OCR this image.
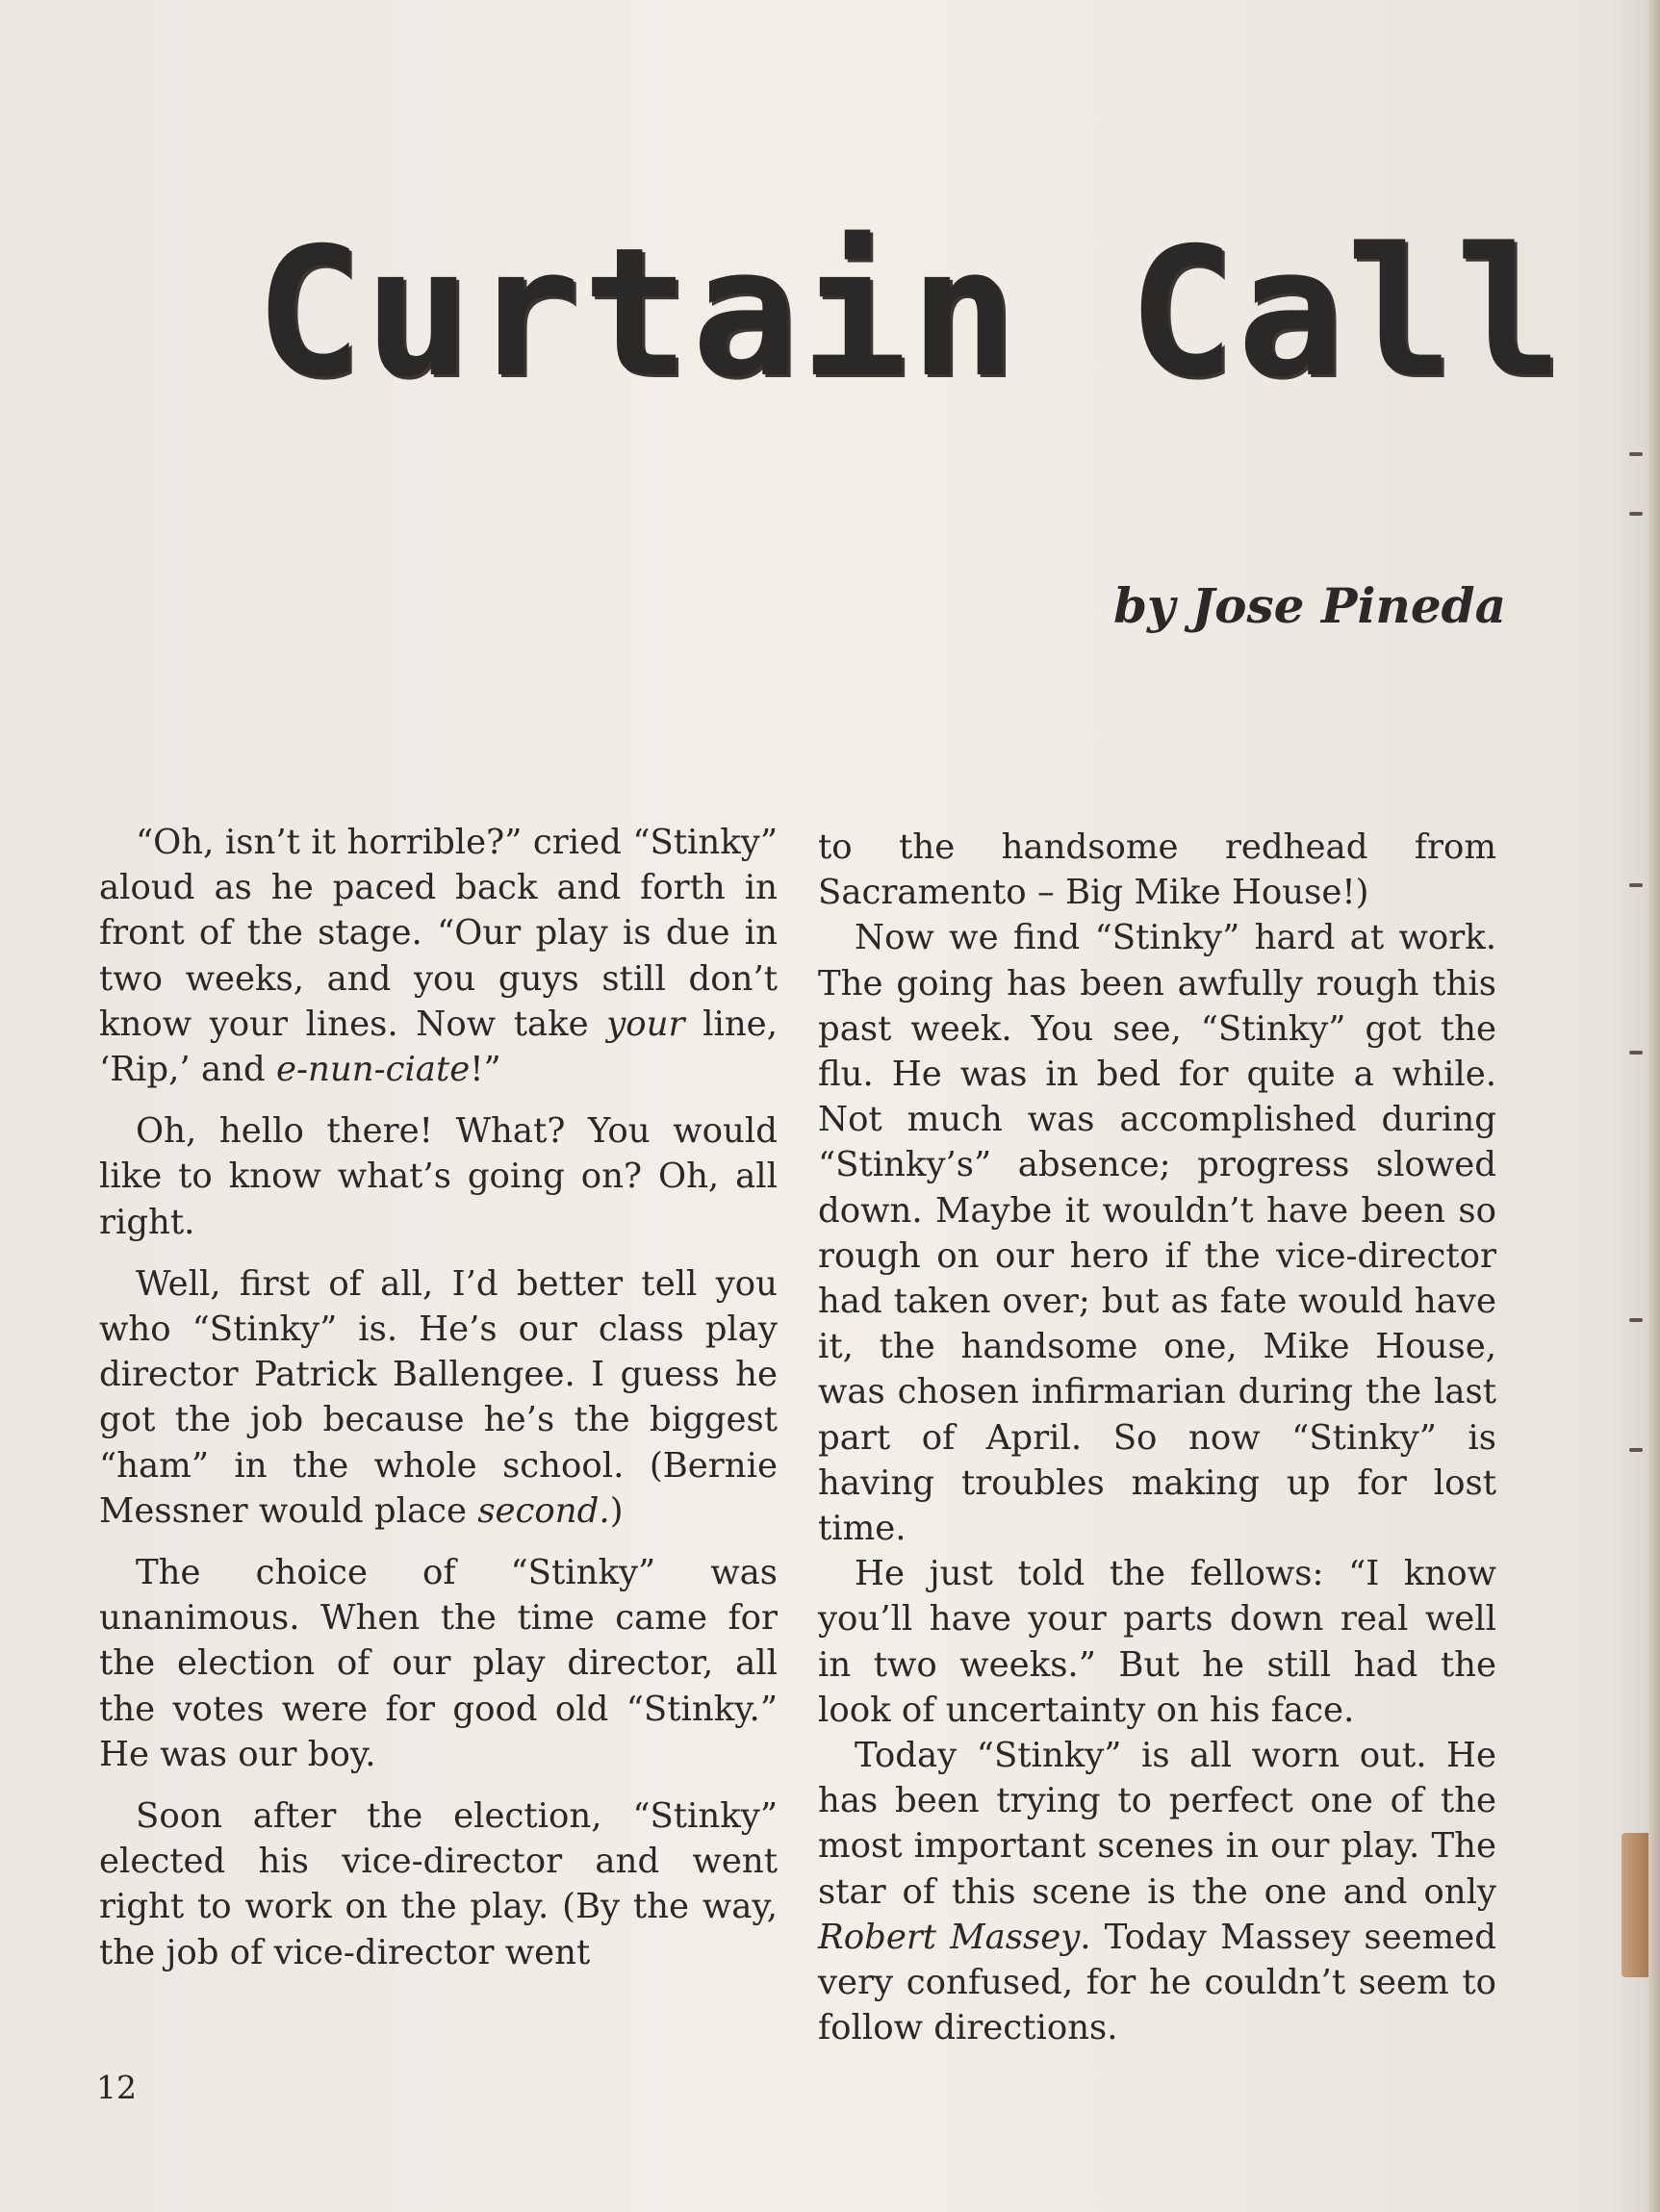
Curtain Call
by Jose Pineda

“Oh, isn’t it horrible?” cried “Stinky” aloud as he paced back and forth in front of the stage. “Our play is due in two weeks, and you guys still don’t know your lines. Now take your line, ‘Rip,’ and e-nun-ciate!”

Oh, hello there! What? You would like to know what’s going on? Oh, all right.

Well, first of all, I’d better tell you who “Stinky” is. He’s our class play director Patrick Ballengee. I guess he got the job because he’s the biggest “ham” in the whole school. (Bernie Messner would place second.)

The choice of “Stinky” was unanimous. When the time came for the election of our play director, all the votes were for good old “Stinky.” He was our boy.

Soon after the election, “Stinky” elected his vice-director and went right to work on the play. (By the way, the job of vice-director went

to the handsome redhead from Sacramento – Big Mike House!)

Now we find “Stinky” hard at work. The going has been awfully rough this past week. You see, “Stinky” got the flu. He was in bed for quite a while. Not much was accomplished during “Stinky’s” absence; progress slowed down. Maybe it wouldn’t have been so rough on our hero if the vice-director had taken over; but as fate would have it, the handsome one, Mike House, was chosen infirmarian during the last part of April. So now “Stinky” is having troubles making up for lost time.

He just told the fellows: “I know you’ll have your parts down real well in two weeks.” But he still had the look of uncertainty on his face.

Today “Stinky” is all worn out. He has been trying to perfect one of the most important scenes in our play. The star of this scene is the one and only Robert Massey. Today Massey seemed very confused, for he couldn’t seem to follow directions.

12
